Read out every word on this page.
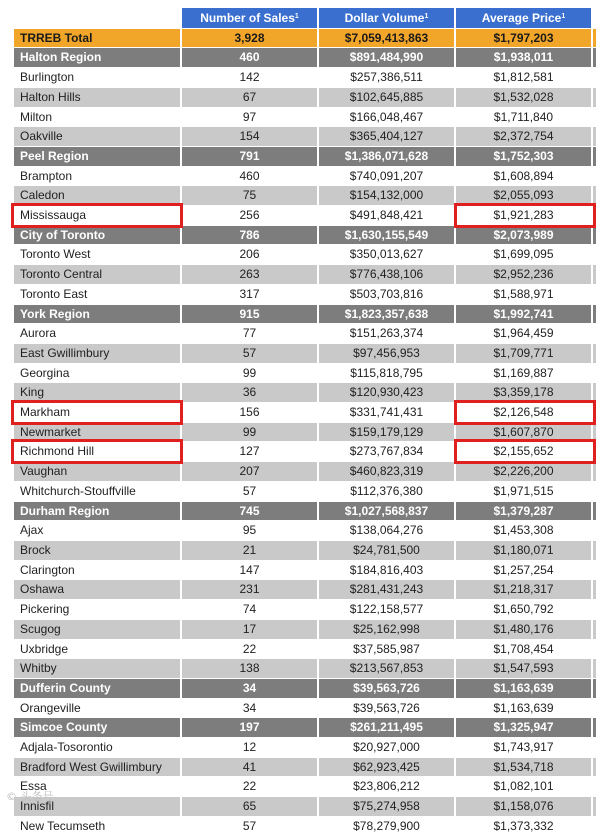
	Number of Sales$^1$	Dollar Volume$^1$	Average Price$^1$	
TRREB Total	3,928	$7,059,413,863	$1,797,203	
Halton Region	460	$891,484,990	$1,938,011	
Burlington	142	$257,386,511	$1,812,581	
Halton Hills	67	$102,645,885	$1,532,028	
Milton	97	$166,048,467	$1,711,840	
Oakville	154	$365,404,127	$2,372,754	
Peel Region	791	$1,386,071,628	$1,752,303	
Brampton	460	$740,091,207	$1,608,894	
Caledon	75	$154,132,000	$2,055,093	
Mississauga	256	$491,848,421	$1,921,283	
City of Toronto	786	$1,630,155,549	$2,073,989	
Toronto West	206	$350,013,627	$1,699,095	
Toronto Central	263	$776,438,106	$2,952,236	
Toronto East	317	$503,703,816	$1,588,971	
York Region	915	$1,823,357,638	$1,992,741	
Aurora	77	$151,263,374	$1,964,459	
East Gwillimbury	57	$97,456,953	$1,709,771	
Georgina	99	$115,818,795	$1,169,887	
King	36	$120,930,423	$3,359,178	
Markham	156	$331,741,431	$2,126,548	
Newmarket	99	$159,179,129	$1,607,870	
Richmond Hill	127	$273,767,834	$2,155,652	
Vaughan	207	$460,823,319	$2,226,200	
Whitchurch-Stouffville	57	$112,376,380	$1,971,515	
Durham Region	745	$1,027,568,837	$1,379,287	
Ajax	95	$138,064,276	$1,453,308	
Brock	21	$24,781,500	$1,180,071	
Clarington	147	$184,816,403	$1,257,254	
Oshawa	231	$281,431,243	$1,218,317	
Pickering	74	$122,158,577	$1,650,792	
Scugog	17	$25,162,998	$1,480,176	
Uxbridge	22	$37,585,987	$1,708,454	
Whitby	138	$213,567,853	$1,547,593	
Dufferin County	34	$39,563,726	$1,163,639	
Orangeville	34	$39,563,726	$1,163,639	
Simcoe County	197	$261,211,495	$1,325,947	
Adjala-Tosorontio	12	$20,927,000	$1,743,917	
Bradford West Gwillimbury	41	$62,923,425	$1,534,718	
Essa	22	$23,806,212	$1,082,101	
Innisfil	65	$75,274,958	$1,158,076	
New Tecumseth	57	$78,279,900	$1,373,332	
© 头条号
